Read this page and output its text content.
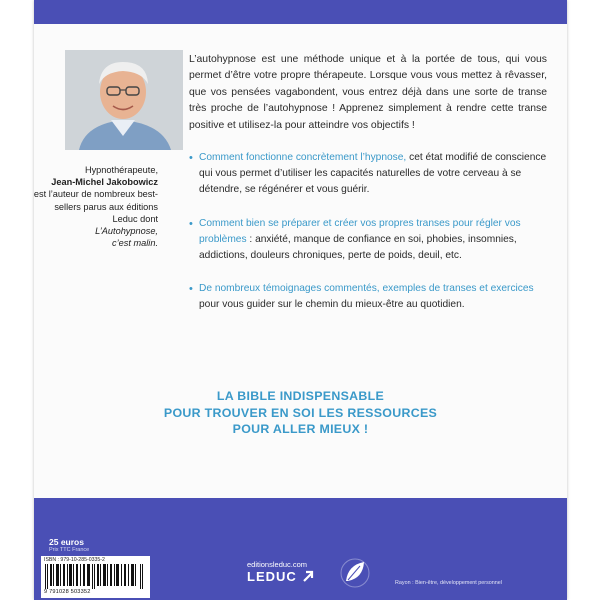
Hypnothérapeute,
Jean-Michel Jakobowicz
est l’auteur de nombreux best-sellers parus aux éditions Leduc dont
L’Autohypnose,
c’est malin.

L’autohypnose est une méthode unique et à la portée de tous, qui vous permet d’être votre propre thérapeute. Lorsque vous vous mettez à rêvasser, que vos pensées vagabondent, vous entrez déjà dans une sorte de transe très proche de l’autohypnose ! Apprenez simplement à rendre cette transe positive et utilisez-la pour atteindre vos objectifs !

• Comment fonctionne concrètement l’hypnose, cet état modifié de conscience qui vous permet d’utiliser les capacités naturelles de votre cerveau à se détendre, se régénérer et vous guérir.
• Comment bien se préparer et créer vos propres transes pour régler vos problèmes : anxiété, manque de confiance en soi, phobies, insomnies, addictions, douleurs chroniques, perte de poids, deuil, etc.
• De nombreux témoignages commentés, exemples de transes et exercices pour vous guider sur le chemin du mieux-être au quotidien.
LA BIBLE INDISPENSABLE
POUR TROUVER EN SOI LES RESSOURCES
POUR ALLER MIEUX !
25 euros
Prix TTC France
ISBN : 979-10-285-0335-2
9 791028 503352
editionsleduc.com
LEDUC	Rayon : Bien-être, développement personnel
